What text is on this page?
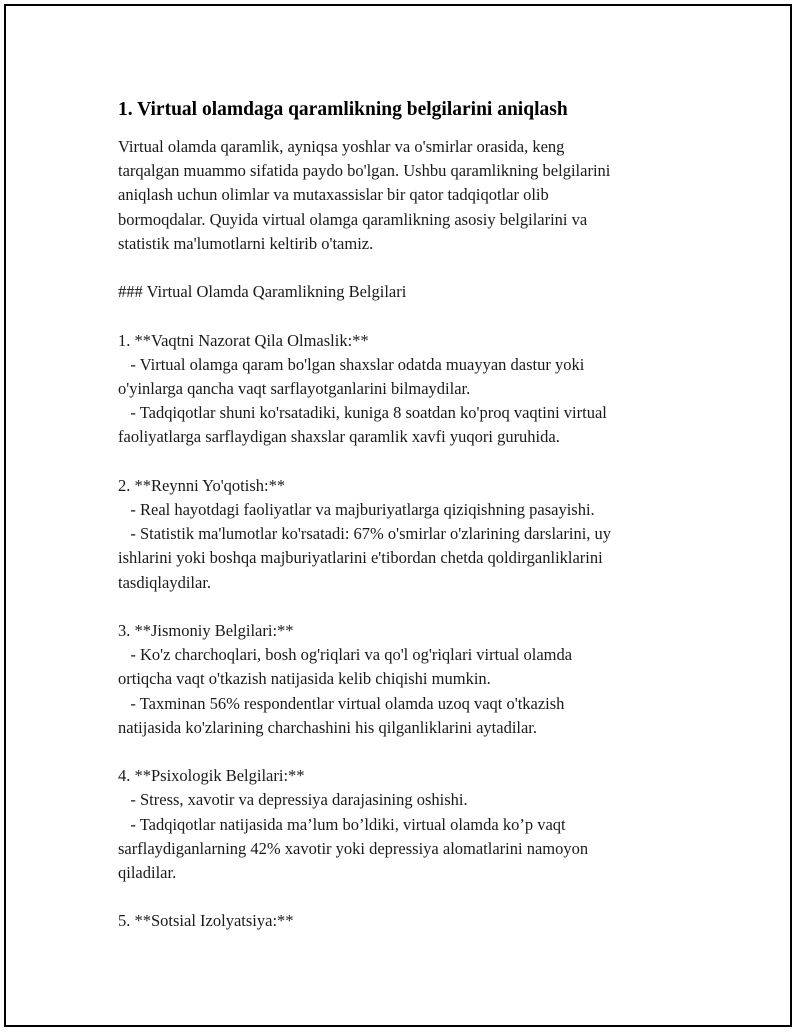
1. Virtual olamdaga qaramlikning belgilarini aniqlash

Virtual olamda qaramlik, ayniqsa yoshlar va o'smirlar orasida, keng

tarqalgan muammo sifatida paydo bo'lgan. Ushbu qaramlikning belgilarini

aniqlash uchun olimlar va mutaxassislar bir qator tadqiqotlar olib

bormoqdalar. Quyida virtual olamga qaramlikning asosiy belgilarini va

statistik ma'lumotlarni keltirib o'tamiz.

### Virtual Olamda Qaramlikning Belgilari

1. **Vaqtni Nazorat Qila Olmaslik:**

- Virtual olamga qaram bo'lgan shaxslar odatda muayyan dastur yoki

o'yinlarga qancha vaqt sarflayotganlarini bilmaydilar.

- Tadqiqotlar shuni ko'rsatadiki, kuniga 8 soatdan ko'proq vaqtini virtual

faoliyatlarga sarflaydigan shaxslar qaramlik xavfi yuqori guruhida.

2. **Reynni Yo'qotish:**

- Real hayotdagi faoliyatlar va majburiyatlarga qiziqishning pasayishi.

- Statistik ma'lumotlar ko'rsatadi: 67% o'smirlar o'zlarining darslarini, uy

ishlarini yoki boshqa majburiyatlarini e'tibordan chetda qoldirganliklarini

tasdiqlaydilar.

3. **Jismoniy Belgilari:**

- Ko'z charchoqlari, bosh og'riqlari va qo'l og'riqlari virtual olamda

ortiqcha vaqt o'tkazish natijasida kelib chiqishi mumkin.

- Taxminan 56% respondentlar virtual olamda uzoq vaqt o'tkazish

natijasida ko'zlarining charchashini his qilganliklarini aytadilar.

4. **Psixologik Belgilari:**

- Stress, xavotir va depressiya darajasining oshishi.

- Tadqiqotlar natijasida ma’lum bo’ldiki, virtual olamda ko’p vaqt

sarflaydiganlarning 42% xavotir yoki depressiya alomatlarini namoyon

qiladilar.

5. **Sotsial Izolyatsiya:**
